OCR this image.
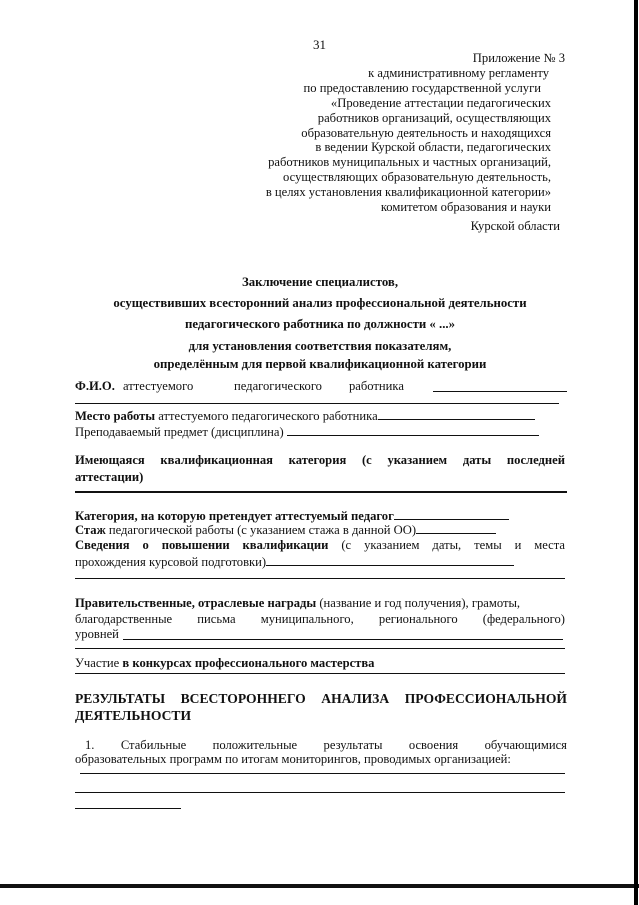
31
Приложение № 3
к административному регламенту
по предоставлению государственной услуги
«Проведение аттестации педагогических
работников организаций, осуществляющих
образовательную деятельность и находящихся
в ведении Курской области, педагогических
работников муниципальных и частных организаций,
осуществляющих образовательную деятельность,
в целях установления квалификационной категории»
комитетом образования и науки
Курской области
Заключение специалистов,
осуществивших всесторонний анализ профессиональной деятельности
педагогического работника по должности « ...»
для установления соответствия показателям,
определённым для первой квалификационной категории
Ф.И.О. аттестуемого	педагогического работника
Место работы аттестуемого педагогического работника
Преподаваемый предмет (дисциплина)
Имеющаяся квалификационная категория (с указанием даты последней
аттестации)
Категория, на которую претендует аттестуемый педагог
Стаж педагогической работы (с указанием стажа в данной ОО)
Сведения о повышении квалификации (с указанием даты, темы и места
прохождения курсовой подготовки)
Правительственные, отраслевые награды (название и год получения), грамоты,
благодарственные письма муниципального, регионального (федерального)
уровней
Участие в конкурсах профессионального мастерства
РЕЗУЛЬТАТЫ ВСЕСТОРОННЕГО АНАЛИЗА ПРОФЕССИОНАЛЬНОЙ
ДЕЯТЕЛЬНОСТИ
1. Стабильные положительные результаты освоения обучающимися
образовательных программ по итогам мониторингов, проводимых организацией:
